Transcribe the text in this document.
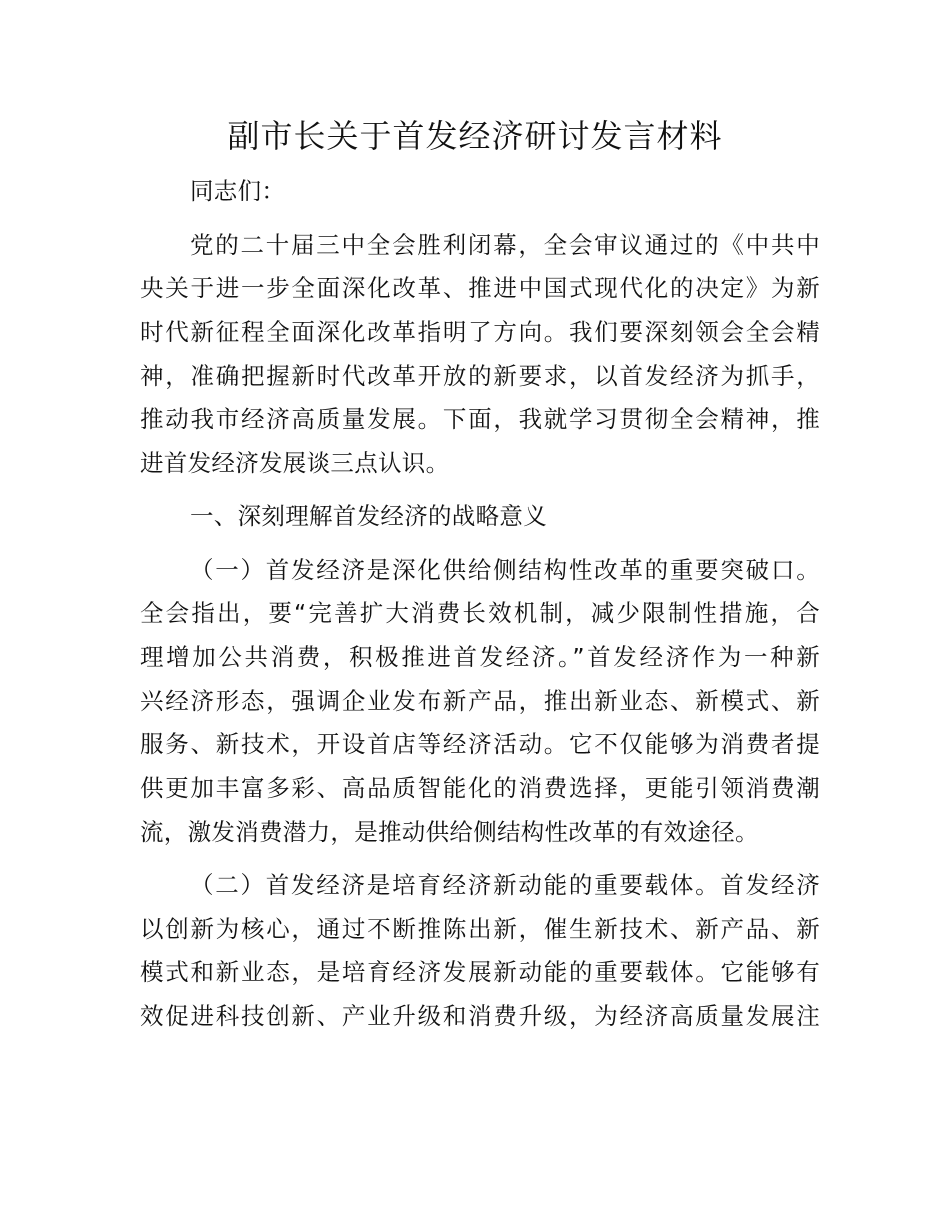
副市长关于首发经济研讨发言材料
同志们：
党的二十届三中全会胜利闭幕，全会审议通过的《中共中
央关于进一步全面深化改革、推进中国式现代化的决定》为新
时代新征程全面深化改革指明了方向。我们要深刻领会全会精
神，准确把握新时代改革开放的新要求，以首发经济为抓手，
推动我市经济高质量发展。下面，我就学习贯彻全会精神，推
进首发经济发展谈三点认识。
一、深刻理解首发经济的战略意义
（一）首发经济是深化供给侧结构性改革的重要突破口。
全会指出，要“完善扩大消费长效机制，减少限制性措施，合
理增加公共消费，积极推进首发经济。”首发经济作为一种新
兴经济形态，强调企业发布新产品，推出新业态、新模式、新
服务、新技术，开设首店等经济活动。它不仅能够为消费者提
供更加丰富多彩、高品质智能化的消费选择，更能引领消费潮
流，激发消费潜力，是推动供给侧结构性改革的有效途径。
（二）首发经济是培育经济新动能的重要载体。首发经济
以创新为核心，通过不断推陈出新，催生新技术、新产品、新
模式和新业态，是培育经济发展新动能的重要载体。它能够有
效促进科技创新、产业升级和消费升级，为经济高质量发展注
